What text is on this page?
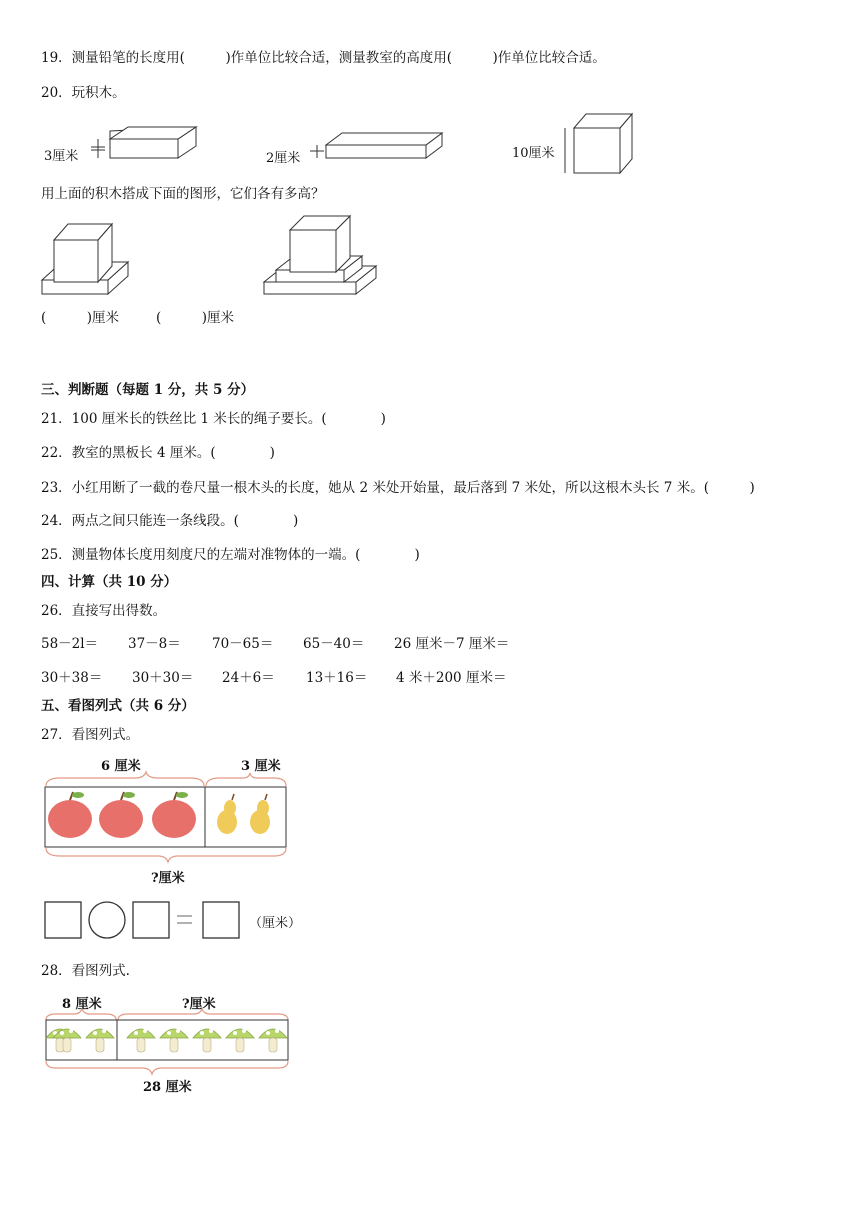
19．测量铅笔的长度用(　　　)作单位比较合适，测量教室的高度用(　　　)作单位比较合适。
20．玩积木。
3厘米	2厘米	10厘米
用上面的积木搭成下面的图形，它们各有多高？
(　　　)厘米	(　　　)厘米
三、判断题（每题 1 分，共 5 分）
21．100 厘米长的铁丝比 1 米长的绳子要长。(　　　　)
22．教室的黑板长 4 厘米。(　　　　)
23．小红用断了一截的卷尺量一根木头的长度，她从 2 米处开始量，最后落到 7 米处，所以这根木头长 7 米。(　　　)
24．两点之间只能连一条线段。(　　　　)
25．测量物体长度用刻度尺的左端对准物体的一端。(　　　　)
四、计算（共 10 分）
26．直接写出得数。
58－2l＝ 37－8＝ 70－65＝ 65－40＝ 26 厘米－7 厘米＝
30＋38＝ 30＋30＝ 24＋6＝ 13＋16＝ 4 米＋200 厘米＝
五、看图列式（共 6 分）
27．看图列式。
6 厘米	3 厘米
?厘米
（厘米）
28．看图列式.
8 厘米	?厘米
28 厘米
